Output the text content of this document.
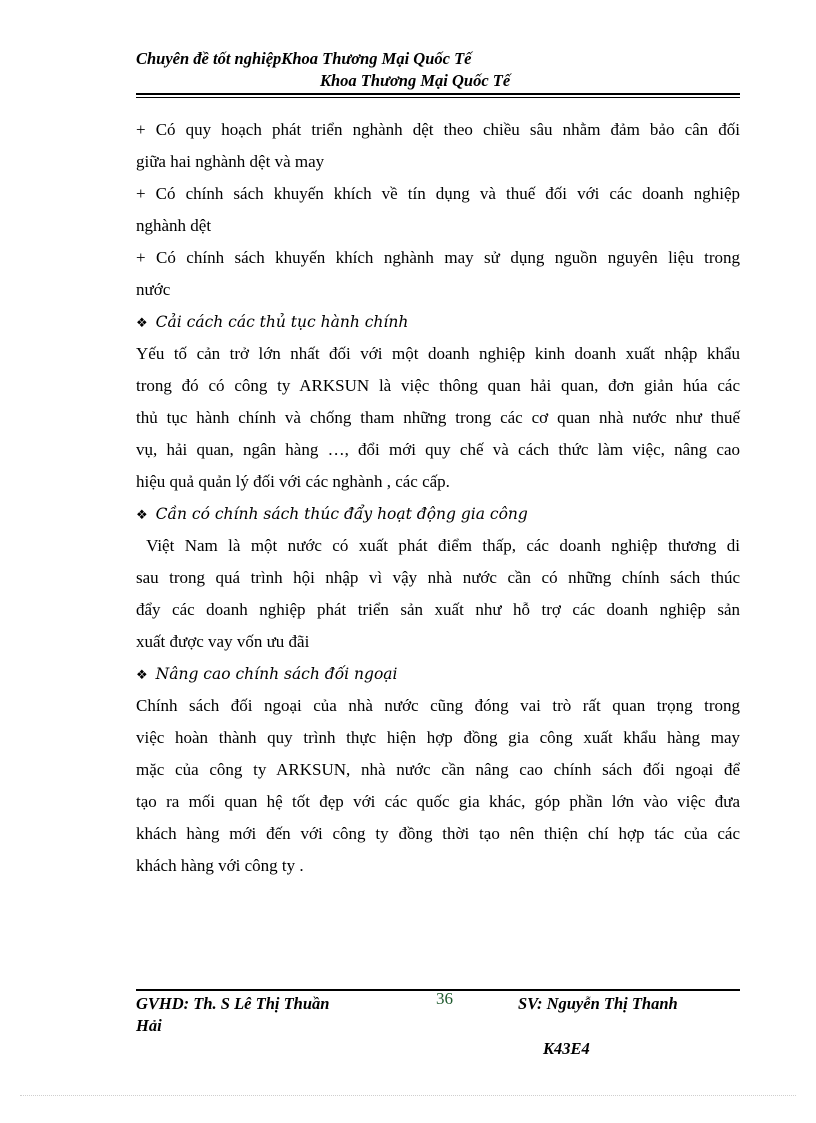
Chuyên đề tốt nghiệpKhoa Thương Mại Quốc Tế
Khoa Thương Mại Quốc Tế
+ Có quy hoạch phát triển nghành dệt theo chiều sâu nhằm đảm bảo cân đối
giữa hai nghành dệt và may
+ Có chính sách khuyến khích về tín dụng và thuế đối với các doanh nghiệp
nghành dệt
+ Có chính sách khuyến khích nghành may sử dụng nguồn nguyên liệu trong
nước
❖ Cải cách các thủ tục hành chính
Yếu tố cản trở lớn nhất đối với một doanh nghiệp kinh doanh xuất nhập khẩu
trong đó có công ty ARKSUN là việc thông quan hải quan, đơn giản húa các
thủ tục hành chính và chống tham những trong các cơ quan nhà nước như thuế
vụ, hải quan, ngân hàng …, đổi mới quy chế và cách thức làm việc, nâng cao
hiệu quả quản lý đối với các nghành , các cấp.
❖ Cần có chính sách thúc đẩy hoạt động gia công
Việt Nam là một nước có xuất phát điểm thấp, các doanh nghiệp thương di
sau trong quá trình hội nhập vì vậy nhà nước cần có những chính sách thúc
đẩy các doanh nghiệp phát triển sản xuất như hỗ trợ các doanh nghiệp sản
xuất được vay vốn ưu đãi
❖ Nâng cao chính sách đối ngoại
Chính sách đối ngoại của nhà nước cũng đóng vai trò rất quan trọng trong
việc hoàn thành quy trình thực hiện hợp đồng gia công xuất khẩu hàng may
mặc của công ty ARKSUN, nhà nước cần nâng cao chính sách đối ngoại để
tạo ra mối quan hệ tốt đẹp với các quốc gia khác, góp phần lớn vào việc đưa
khách hàng mới đến với công ty đồng thời tạo nên thiện chí hợp tác của các
khách hàng với công ty .
GVHD: Th. S Lê Thị Thuần
Hải
36	SV: Nguyễn Thị Thanh
K43E4
